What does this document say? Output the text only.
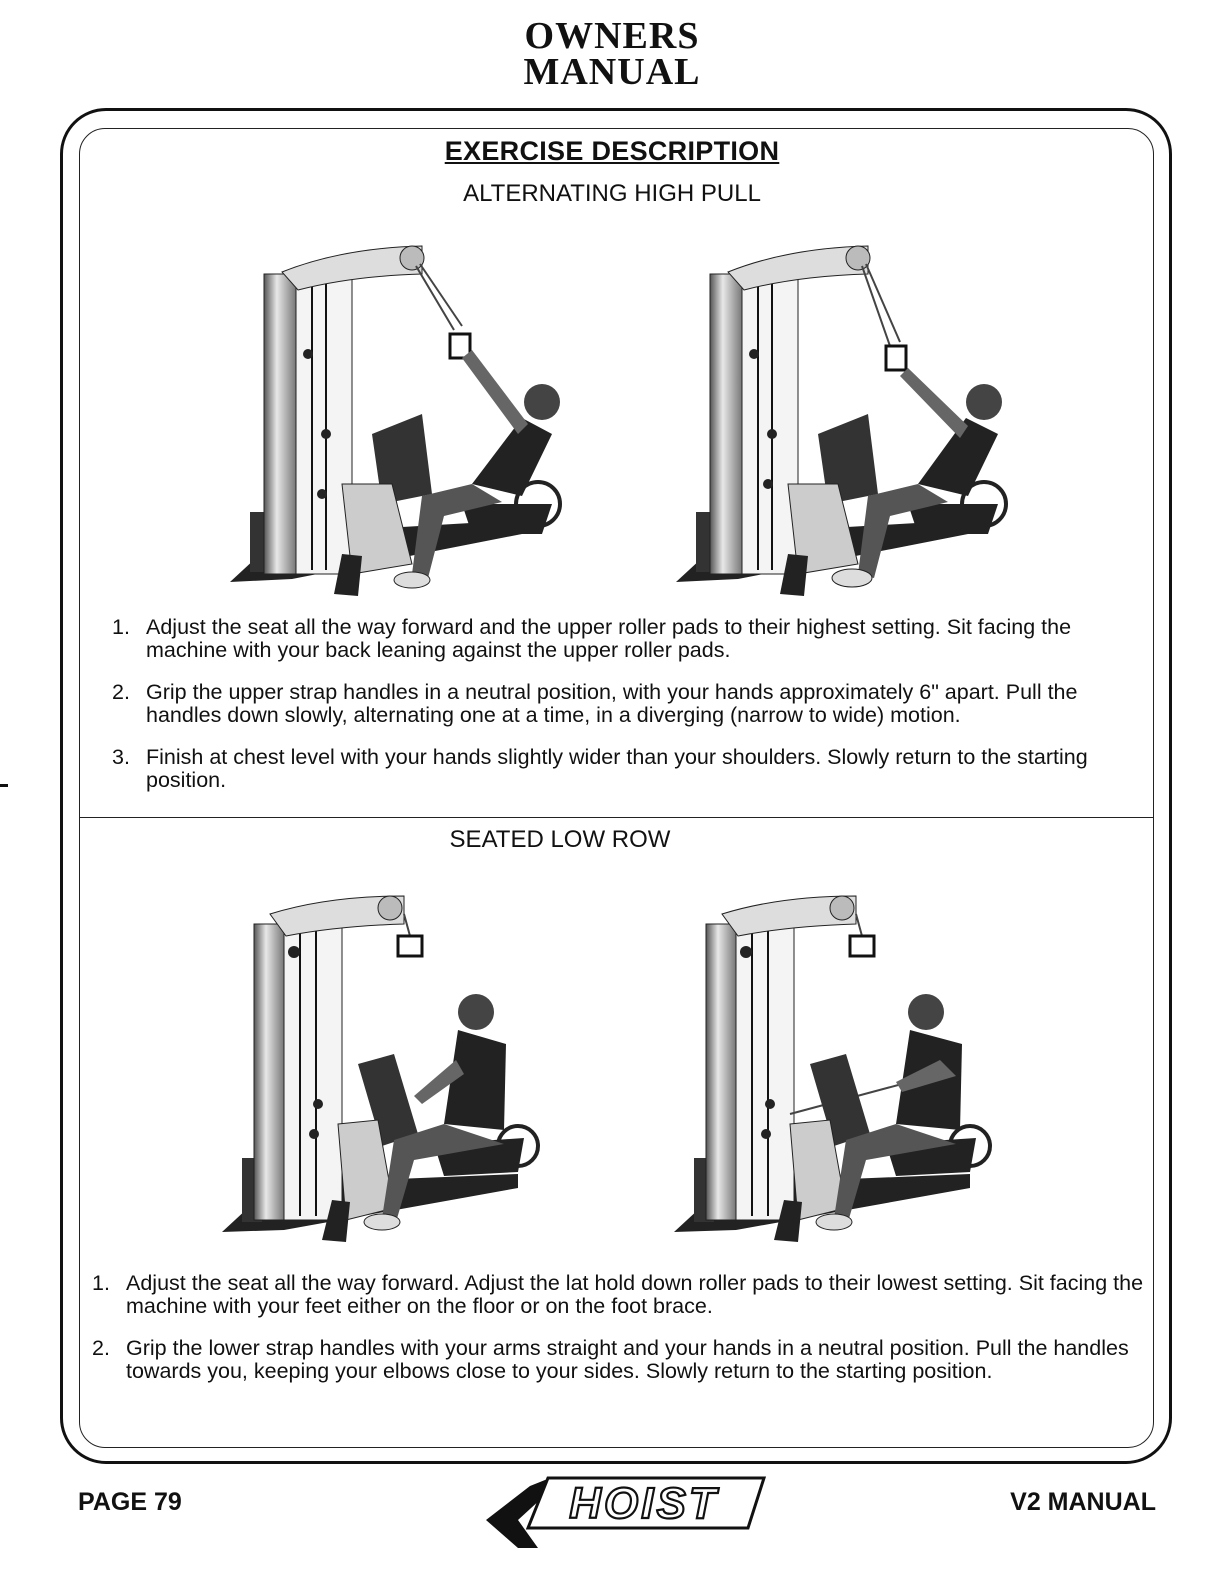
OWNERS
MANUAL
EXERCISE DESCRIPTION
ALTERNATING HIGH PULL
1. Adjust the seat all the way forward and the upper roller pads to their highest setting. Sit facing the machine with your back leaning against the upper roller pads.
2. Grip the upper strap handles in a neutral position, with your hands approximately 6" apart. Pull the handles down slowly, alternating one at a time, in a diverging (narrow to wide) motion.
3. Finish at chest level with your hands slightly wider than your shoulders. Slowly return to the starting position.
SEATED LOW ROW
1. Adjust the seat all the way forward. Adjust the lat hold down roller pads to their lowest setting. Sit facing the machine with your feet either on the floor or on the foot brace.
2. Grip the lower strap handles with your arms straight and your hands in a neutral position. Pull the handles towards you, keeping your elbows close to your sides. Slowly return to the starting position.
PAGE 79	HOIST	V2 MANUAL
